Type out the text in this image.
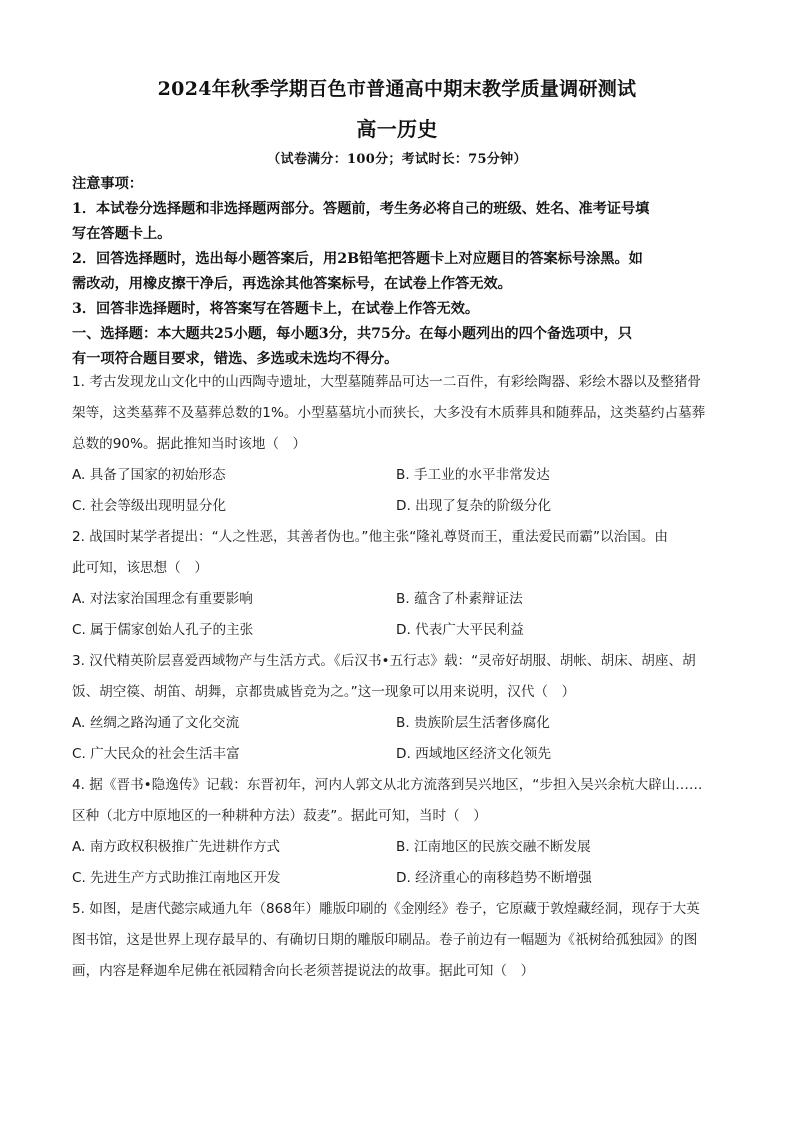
2024年秋季学期百色市普通高中期末教学质量调研测试
高一历史
（试卷满分：100分；考试时长：75分钟）

注意事项：

1．本试卷分选择题和非选择题两部分。答题前，考生务必将自己的班级、姓名、准考证号填

写在答题卡上。

2．回答选择题时，选出每小题答案后，用2B铅笔把答题卡上对应题目的答案标号涂黑。如

需改动，用橡皮擦干净后，再选涂其他答案标号，在试卷上作答无效。

3．回答非选择题时，将答案写在答题卡上，在试卷上作答无效。

一、选择题：本大题共25小题，每小题3分，共75分。在每小题列出的四个备选项中，只

有一项符合题目要求，错选、多选或未选均不得分。

1. 考古发现龙山文化中的山西陶寺遗址，大型墓随葬品可达一二百件，有彩绘陶器、彩绘木器以及整猪骨

架等，这类墓葬不及墓葬总数的1%。小型墓墓坑小而狭长，大多没有木质葬具和随葬品，这类墓约占墓葬

总数的90%。据此推知当时该地（　）

A. 具备了国家的初始形态	B. 手工业的水平非常发达
C. 社会等级出现明显分化	D. 出现了复杂的阶级分化

2. 战国时某学者提出：“人之性恶，其善者伪也。”他主张“隆礼尊贤而王，重法爱民而霸”以治国。由

此可知，该思想（　）

A. 对法家治国理念有重要影响	B. 蕴含了朴素辩证法
C. 属于儒家创始人孔子的主张	D. 代表广大平民利益

3. 汉代精英阶层喜爱西域物产与生活方式。《后汉书•五行志》载：“灵帝好胡服、胡帐、胡床、胡座、胡

饭、胡空篌、胡笛、胡舞，京都贵戚皆竞为之。”这一现象可以用来说明，汉代（　）

A. 丝绸之路沟通了文化交流	B. 贵族阶层生活奢侈腐化
C. 广大民众的社会生活丰富	D. 西域地区经济文化领先

4. 据《晋书•隐逸传》记载：东晋初年，河内人郭文从北方流落到吴兴地区，“步担入吴兴余杭大辟山……

区种（北方中原地区的一种耕种方法）菽麦”。据此可知，当时（　）

A. 南方政权积极推广先进耕作方式	B. 江南地区的民族交融不断发展
C. 先进生产方式助推江南地区开发	D. 经济重心的南移趋势不断增强

5. 如图，是唐代懿宗咸通九年（868年）雕版印刷的《金刚经》卷子，它原藏于敦煌藏经洞，现存于大英

图书馆，这是世界上现存最早的、有确切日期的雕版印刷品。卷子前边有一幅题为《祇树给孤独园》的图

画，内容是释迦牟尼佛在祇园精舍向长老须菩提说法的故事。据此可知（　）
